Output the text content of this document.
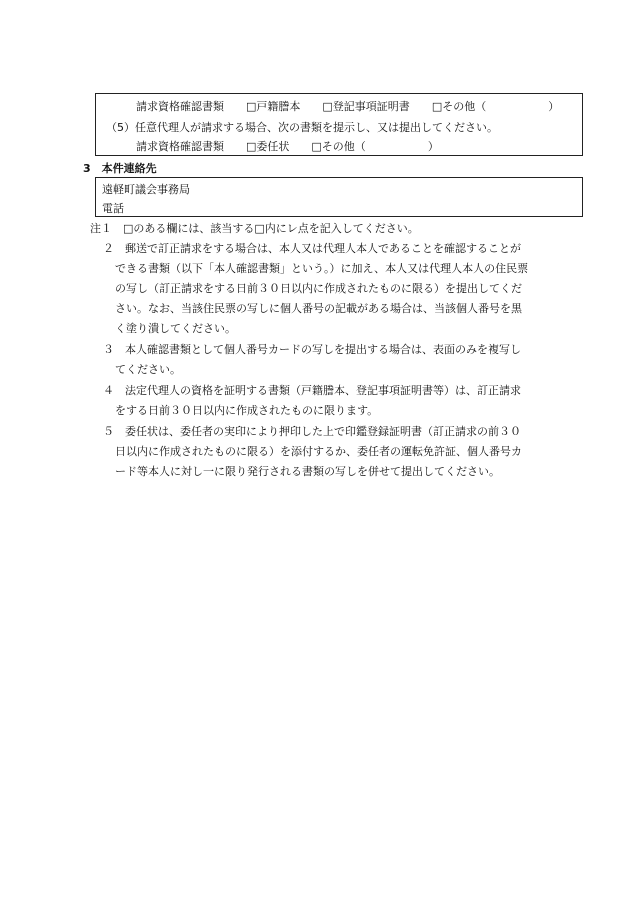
請求資格確認書類 □戸籍謄本 □登記事項証明書 □その他（	）
（5）任意代理人が請求する場合、次の書類を提示し、又は提出してください。
請求資格確認書類 □委任状 □その他（	）
3　本件連絡先
遠軽町議会事務局
電話
注１　□のある欄には、該当する□内にレ点を記入してください。
２　郵送で訂正請求をする場合は、本人又は代理人本人であることを確認することが
できる書類（以下「本人確認書類」という。）に加え、本人又は代理人本人の住民票
の写し（訂正請求をする日前３０日以内に作成されたものに限る）を提出してくだ
さい。なお、当該住民票の写しに個人番号の記載がある場合は、当該個人番号を黒
く塗り潰してください。
３　本人確認書類として個人番号カードの写しを提出する場合は、表面のみを複写し
てください。
４　法定代理人の資格を証明する書類（戸籍謄本、登記事項証明書等）は、訂正請求
をする日前３０日以内に作成されたものに限ります。
５　委任状は、委任者の実印により押印した上で印鑑登録証明書（訂正請求の前３０
日以内に作成されたものに限る）を添付するか、委任者の運転免許証、個人番号カ
ード等本人に対し一に限り発行される書類の写しを併せて提出してください。
